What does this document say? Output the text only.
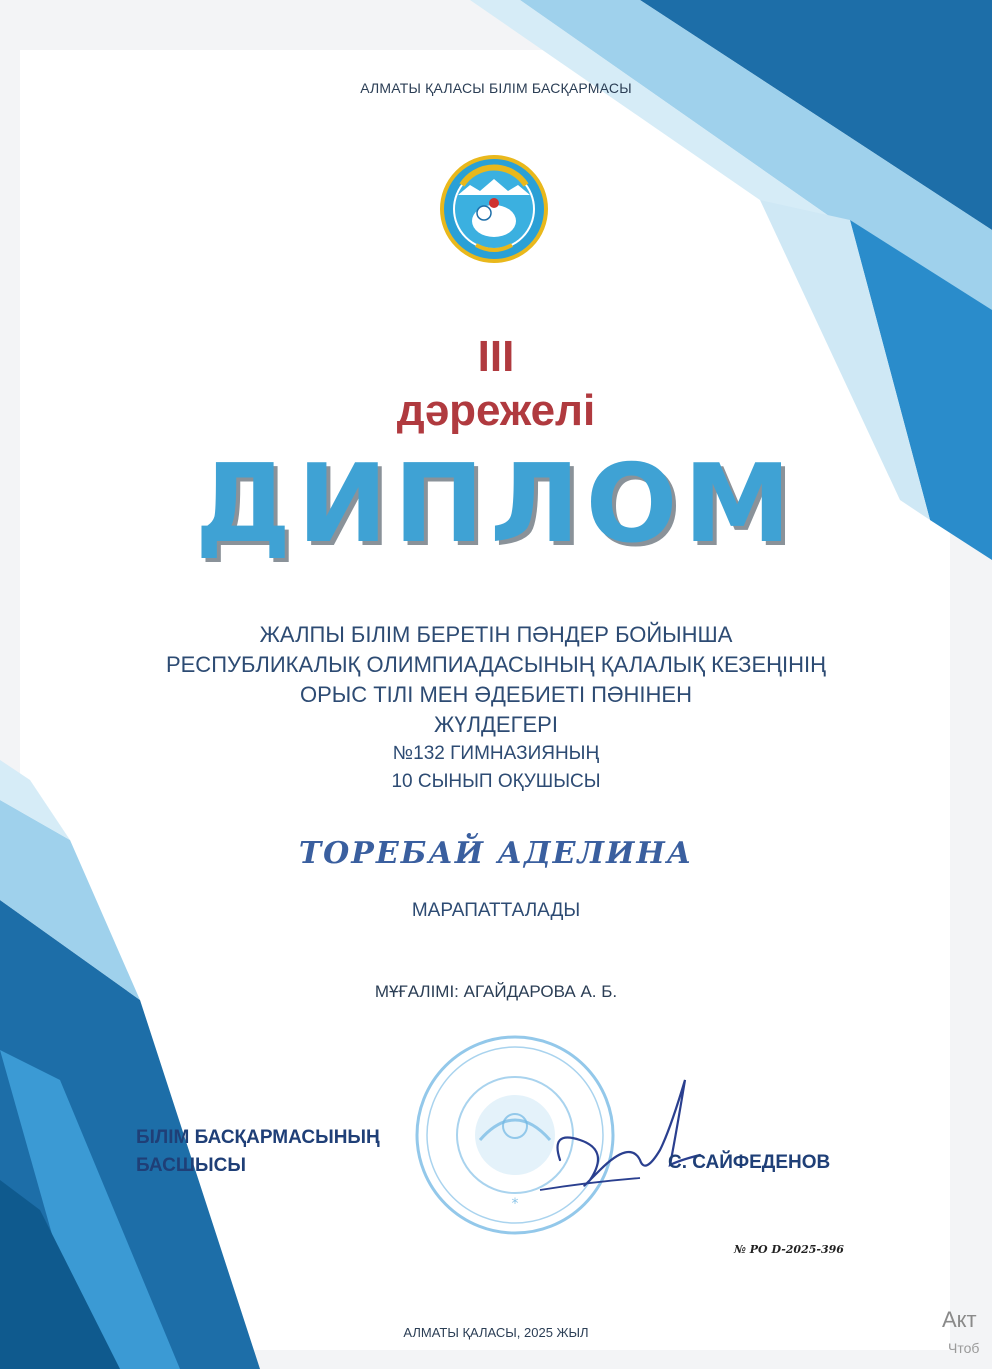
АЛМАТЫ ҚАЛАСЫ БІЛІМ БАСҚАРМАСЫ
III
дәрежелі
ДИПЛОМ
ЖАЛПЫ БІЛІМ БЕРЕТІН ПӘНДЕР БОЙЫНША
РЕСПУБЛИКАЛЫҚ ОЛИМПИАДАСЫНЫҢ ҚАЛАЛЫҚ КЕЗЕҢІНІҢ
ОРЫС ТІЛІ МЕН ӘДЕБИЕТІ ПӘНІНЕН
ЖҮЛДЕГЕРІ
№132 ГИМНАЗИЯНЫҢ
10 СЫНЫП ОҚУШЫСЫ
ТОРЕБАЙ АДЕЛИНА
МАРАПАТТАЛАДЫ
МҰҒАЛІМІ: АГАЙДАРОВА А. Б.
*
БІЛІМ БАСҚАРМАСЫНЫҢ
БАСШЫСЫ	С. САЙФЕДЕНОВ
№ РО D-2025-396
АЛМАТЫ ҚАЛАСЫ, 2025 ЖЫЛ
Акт
Чтоб
